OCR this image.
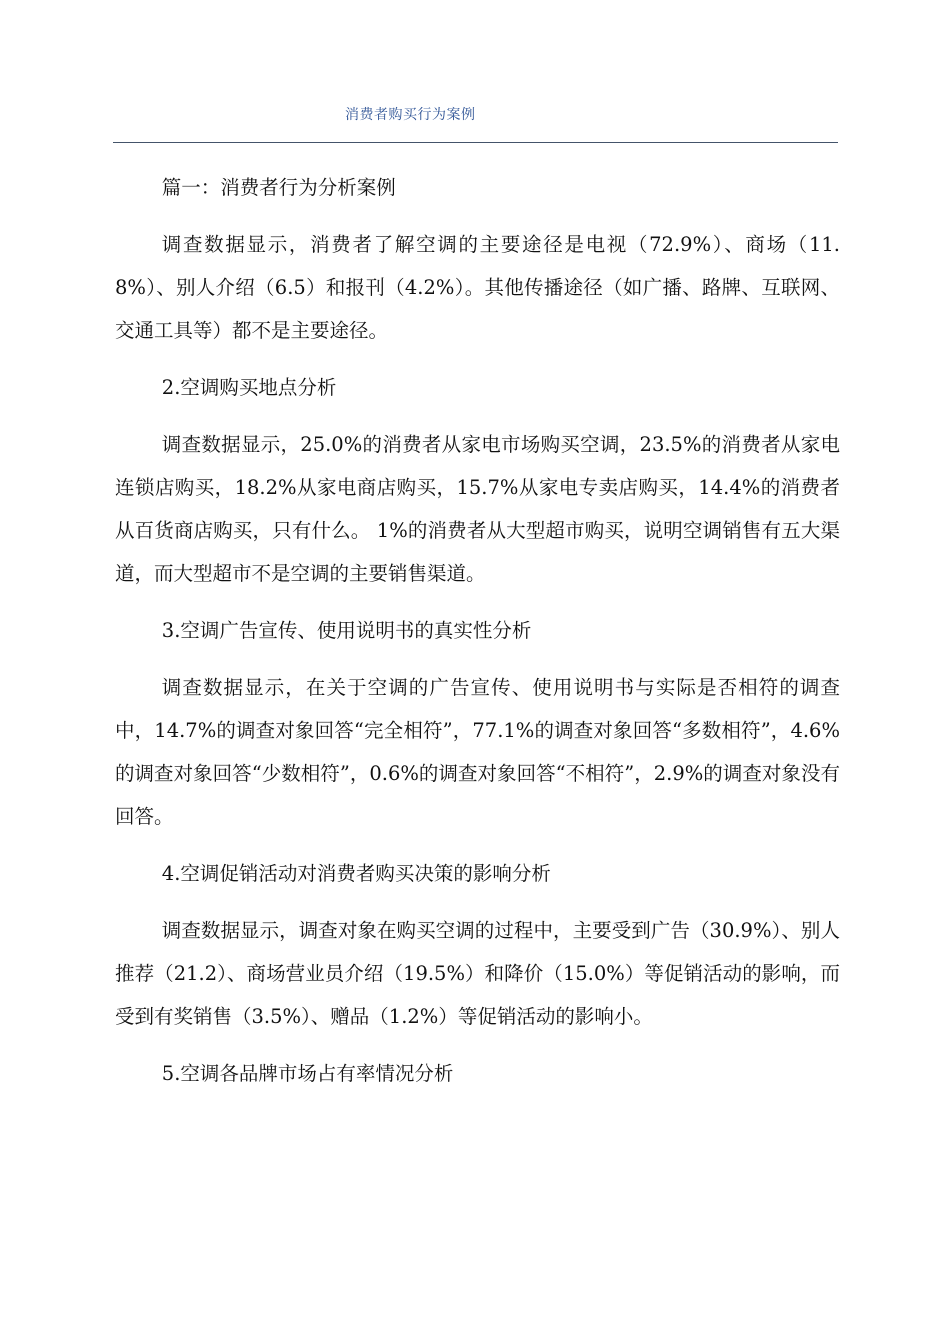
消费者购买行为案例

篇一：消费者行为分析案例

调查数据显示，消费者了解空调的主要途径是电视（72.9%）、商场（11.8%）、别人介绍（6.5）和报刊（4.2%）。其他传播途径（如广播、路牌、互联网、交通工具等）都不是主要途径。

2.空调购买地点分析

调查数据显示，25.0%的消费者从家电市场购买空调，23.5%的消费者从家电连锁店购买，18.2%从家电商店购买，15.7%从家电专卖店购买，14.4%的消费者从百货商店购买，只有什么。 1%的消费者从大型超市购买，说明空调销售有五大渠道，而大型超市不是空调的主要销售渠道。

3.空调广告宣传、使用说明书的真实性分析

调查数据显示，在关于空调的广告宣传、使用说明书与实际是否相符的调查中，14.7%的调查对象回答“完全相符”，77.1%的调查对象回答“多数相符”，4.6%的调查对象回答“少数相符”，0.6%的调查对象回答“不相符”，2.9%的调查对象没有回答。

4.空调促销活动对消费者购买决策的影响分析

调查数据显示，调查对象在购买空调的过程中，主要受到广告（30.9%）、别人推荐（21.2）、商场营业员介绍（19.5%）和降价（15.0%）等促销活动的影响，而受到有奖销售（3.5%）、赠品（1.2%）等促销活动的影响小。

5.空调各品牌市场占有率情况分析
